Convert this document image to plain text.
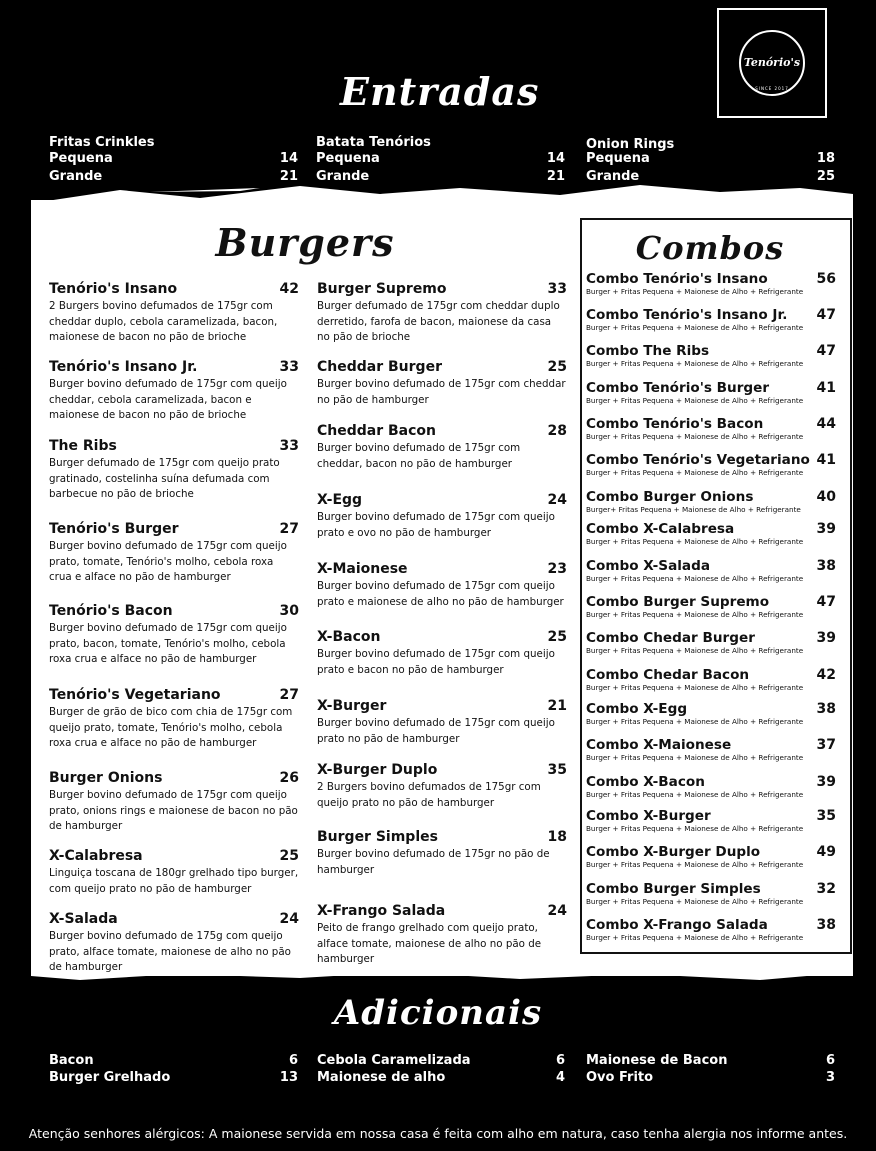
Tenório's
SINCE 2017
Entradas
Fritas Crinkles
Pequena	14
Grande	21
Batata Tenórios
Pequena	14
Grande	21
Onion Rings
Pequena	18
Grande	25
Burgers
Tenório's Insano	42
2 Burgers bovino defumados de 175gr com cheddar duplo, cebola caramelizada, bacon, maionese de bacon no pão de brioche
Tenório's Insano Jr.	33
Burger bovino defumado de 175gr com queijo cheddar, cebola caramelizada, bacon e maionese de bacon no pão de brioche
The Ribs	33
Burger defumado de 175gr com queijo prato gratinado, costelinha suína defumada com barbecue no pão de brioche
Tenório's Burger	27
Burger bovino defumado de 175gr com queijo prato, tomate, Tenório's molho, cebola roxa crua e alface no pão de hamburger
Tenório's Bacon	30
Burger bovino defumado de 175gr com queijo prato, bacon, tomate, Tenório's molho, cebola roxa crua e alface no pão de hamburger
Tenório's Vegetariano	27
Burger de grão de bico com chia de 175gr com queijo prato, tomate, Tenório's molho, cebola roxa crua e alface no pão de hamburger
Burger Onions	26
Burger bovino defumado de 175gr com queijo prato, onions rings e maionese de bacon no pão de hamburger
X-Calabresa	25
Linguiça toscana de 180gr grelhado tipo burger, com queijo prato no pão de hamburger
X-Salada	24
Burger bovino defumado de 175g com queijo prato, alface tomate, maionese de alho no pão de hamburger
Burger Supremo	33
Burger defumado de 175gr com cheddar duplo derretido, farofa de bacon, maionese da casa no pão de brioche
Cheddar Burger	25
Burger bovino defumado de 175gr com cheddar no pão de hamburger
Cheddar Bacon	28
Burger bovino defumado de 175gr com cheddar, bacon no pão de hamburger
X-Egg	24
Burger bovino defumado de 175gr com queijo prato e ovo no pão de hamburger
X-Maionese	23
Burger bovino defumado de 175gr com queijo prato e maionese de alho no pão de hamburger
X-Bacon	25
Burger bovino defumado de 175gr com queijo prato e bacon no pão de hamburger
X-Burger	21
Burger bovino defumado de 175gr com queijo prato no pão de hamburger
X-Burger Duplo	35
2 Burgers bovino defumados de 175gr com queijo prato no pão de hamburger
Burger Simples	18
Burger bovino defumado de 175gr no pão de hamburger
X-Frango Salada	24
Peito de frango grelhado com queijo prato, alface tomate, maionese de alho no pão de hamburger
Combos
Combo Tenório's Insano	56
Burger + Fritas Pequena + Maionese de Alho + Refrigerante
Combo Tenório's Insano Jr.	47
Burger + Fritas Pequena + Maionese de Alho + Refrigerante
Combo The Ribs	47
Burger + Fritas Pequena + Maionese de Alho + Refrigerante
Combo Tenório's Burger	41
Burger + Fritas Pequena + Maionese de Alho + Refrigerante
Combo Tenório's Bacon	44
Burger + Fritas Pequena + Maionese de Alho + Refrigerante
Combo Tenório's Vegetariano 41
Burger + Fritas Pequena + Maionese de Alho + Refrigerante
Combo Burger Onions	40
Burger+ Fritas Pequena + Maionese de Alho + Refrigerante
Combo X-Calabresa	39
Burger + Fritas Pequena + Maionese de Alho + Refrigerante
Combo X-Salada	38
Burger + Fritas Pequena + Maionese de Alho + Refrigerante
Combo Burger Supremo	47
Burger + Fritas Pequena + Maionese de Alho + Refrigerante
Combo Chedar Burger	39
Burger + Fritas Pequena + Maionese de Alho + Refrigerante
Combo Chedar Bacon	42
Burger + Fritas Pequena + Maionese de Alho + Refrigerante
Combo X-Egg	38
Burger + Fritas Pequena + Maionese de Alho + Refrigerante
Combo X-Maionese	37
Burger + Fritas Pequena + Maionese de Alho + Refrigerante
Combo X-Bacon	39
Burger + Fritas Pequena + Maionese de Alho + Refrigerante
Combo X-Burger	35
Burger + Fritas Pequena + Maionese de Alho + Refrigerante
Combo X-Burger Duplo	49
Burger + Fritas Pequena + Maionese de Alho + Refrigerante
Combo Burger Simples	32
Burger + Fritas Pequena + Maionese de Alho + Refrigerante
Combo X-Frango Salada	38
Burger + Fritas Pequena + Maionese de Alho + Refrigerante
Adicionais
Bacon	6
Burger Grelhado	13
Cebola Caramelizada	6
Maionese de alho	4
Maionese de Bacon	6
Ovo Frito	3
Atenção senhores alérgicos: A maionese servida em nossa casa é feita com alho em natura, caso tenha alergia nos informe antes.
